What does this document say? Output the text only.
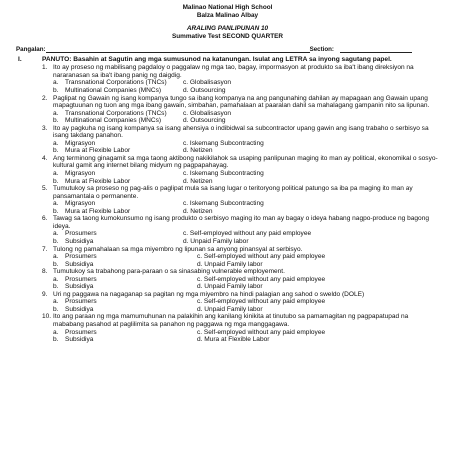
Malinao National High School
Balza Malinao Albay
ARALING PANLIPUNAN 10
Summative Test SECOND QUARTER
Pangalan:	Section:
I.	PANUTO: Basahin at Sagutin ang mga sumusunod na katanungan. Isulat ang LETRA sa inyong sagutang papel.
1. Ito ay proseso ng mabilisang pagdaloy o paggalaw ng mga tao, bagay, impormasyon at produkto sa iba't ibang direksiyon na nararanasan sa iba't ibang panig ng daigdig.
a. Transnational Corporations (TNCs)	c. Globalisasyon
b. Multinational Companies (MNCs)	d. Outsourcing
2. Paglipat ng Gawain ng isang kompanya tungo sa ibang kompanya na ang pangunahing dahilan ay mapagaan ang Gawain upang mapagtuunan ng tuon ang mga ibang gawain, simbahan, pamahalaan at paaralan dahil sa mahalagang gampanin nito sa lipunan.
a. Transnational Corporations (TNCs)	c. Globalisasyon
b. Multinational Companies (MNCs)	d. Outsourcing
3. Ito ay pagkuha ng isang kompanya sa isang ahensiya o indibidwal sa subcontractor upang gawin ang isang trabaho o serbisyo sa isang takdang panahon.
a. Migrasyon	c. Iskemang Subcontracting
b. Mura at Flexible Labor	d. Netizen
4. Ang terminong ginagamit sa mga taong aktibong nakikilahok sa usaping panlipunan maging ito man ay political, ekonomikal o sosyo-kultural gamit ang internet bilang midyum ng pagpapahayag.
a. Migrasyon	c. Iskemang Subcontracting
b. Mura at Flexible Labor	d. Netizen
5. Tumutukoy sa proseso ng pag-alis o paglipat mula sa isang lugar o teritoryong political patungo sa iba pa maging ito man ay pansamantala o permanente.
a. Migrasyon	c. Iskemang Subcontracting
b. Mura at Flexible Labor	d. Netizen
6. Tawag sa taong kumokunsumo ng isang produkto o serbisyo maging ito man ay bagay o ideya habang nagpo-produce ng bagong ideya.
a. Prosumers	c. Self-employed without any paid employee
b. Subsidiya	d. Unpaid Family labor
7. Tulong ng pamahalaan sa mga miyembro ng lipunan sa anyong pinansyal at serbisyo.
a. Prosumers	c. Self-employed without any paid employee
b. Subsidiya	d. Unpaid Family labor
8. Tumutukoy sa trabahong para-paraan o sa sinasabing vulnerable employement.
a. Prosumers	c. Self-employed without any paid employee
b. Subsidiya	d. Unpaid Family labor
9. Uri ng paggawa na nagaganap sa pagitan ng mga miyembro na hindi palagian ang sahod o sweldo (DOLE)
a. Prosumers	c. Self-employed without any paid employee
b. Subsidiya	d. Unpaid Family labor
10. Ito ang paraan ng mga mamumuhunan na palakihin ang kanilang kinikita at tinutubo sa pamamagitan ng pagpapatupad na mababang pasahod at paglilimita sa panahon ng paggawa ng mga manggagawa.
a. Prosumers	c. Self-employed without any paid employee
b. Subsidiya	d. Mura at Flexible Labor
